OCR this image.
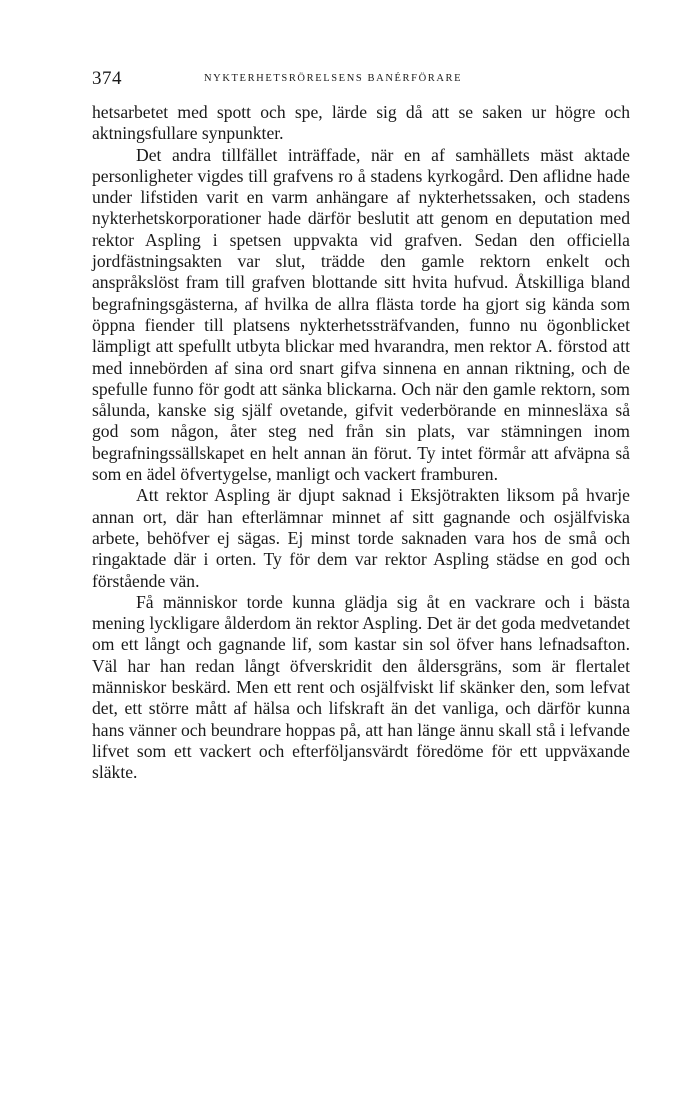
374	NYKTERHETSRÖRELSENS BANÉRFÖRARE

hetsarbetet med spott och spe, lärde sig då att se saken ur högre och aktningsfullare synpunkter.

Det andra tillfället inträffade, när en af samhällets mäst aktade personligheter vigdes till grafvens ro å stadens kyrkogård. Den aflidne hade under lifstiden varit en varm anhängare af nykterhetssaken, och stadens nykterhetskorporationer hade därför beslutit att genom en deputation med rektor Aspling i spetsen uppvakta vid grafven. Sedan den officiella jordfästningsakten var slut, trädde den gamle rektorn enkelt och anspråkslöst fram till grafven blottande sitt hvita hufvud. Åtskilliga bland begrafningsgästerna, af hvilka de allra flästa torde ha gjort sig kända som öppna fiender till platsens nykterhetssträfvanden, funno nu ögonblicket lämpligt att spefullt utbyta blickar med hvarandra, men rektor A. förstod att med innebörden af sina ord snart gifva sinnena en annan riktning, och de spefulle funno för godt att sänka blickarna. Och när den gamle rektorn, som sålunda, kanske sig själf ovetande, gifvit vederbörande en minnesläxa så god som någon, åter steg ned från sin plats, var stämningen inom begrafningssällskapet en helt annan än förut. Ty intet förmår att afväpna så som en ädel öfvertygelse, manligt och vackert framburen.

Att rektor Aspling är djupt saknad i Eksjötrakten liksom på hvarje annan ort, där han efterlämnar minnet af sitt gagnande och osjälfviska arbete, behöfver ej sägas. Ej minst torde saknaden vara hos de små och ringaktade där i orten. Ty för dem var rektor Aspling städse en god och förstående vän.

Få människor torde kunna glädja sig åt en vackrare och i bästa mening lyckligare ålderdom än rektor Aspling. Det är det goda medvetandet om ett långt och gagnande lif, som kastar sin sol öfver hans lefnadsafton. Väl har han redan långt öfverskridit den åldersgräns, som är flertalet människor beskärd. Men ett rent och osjälfviskt lif skänker den, som lefvat det, ett större mått af hälsa och lifskraft än det vanliga, och därför kunna hans vänner och beundrare hoppas på, att han länge ännu skall stå i lefvande lifvet som ett vackert och efterföljansvärdt föredöme för ett uppväxande släkte.
